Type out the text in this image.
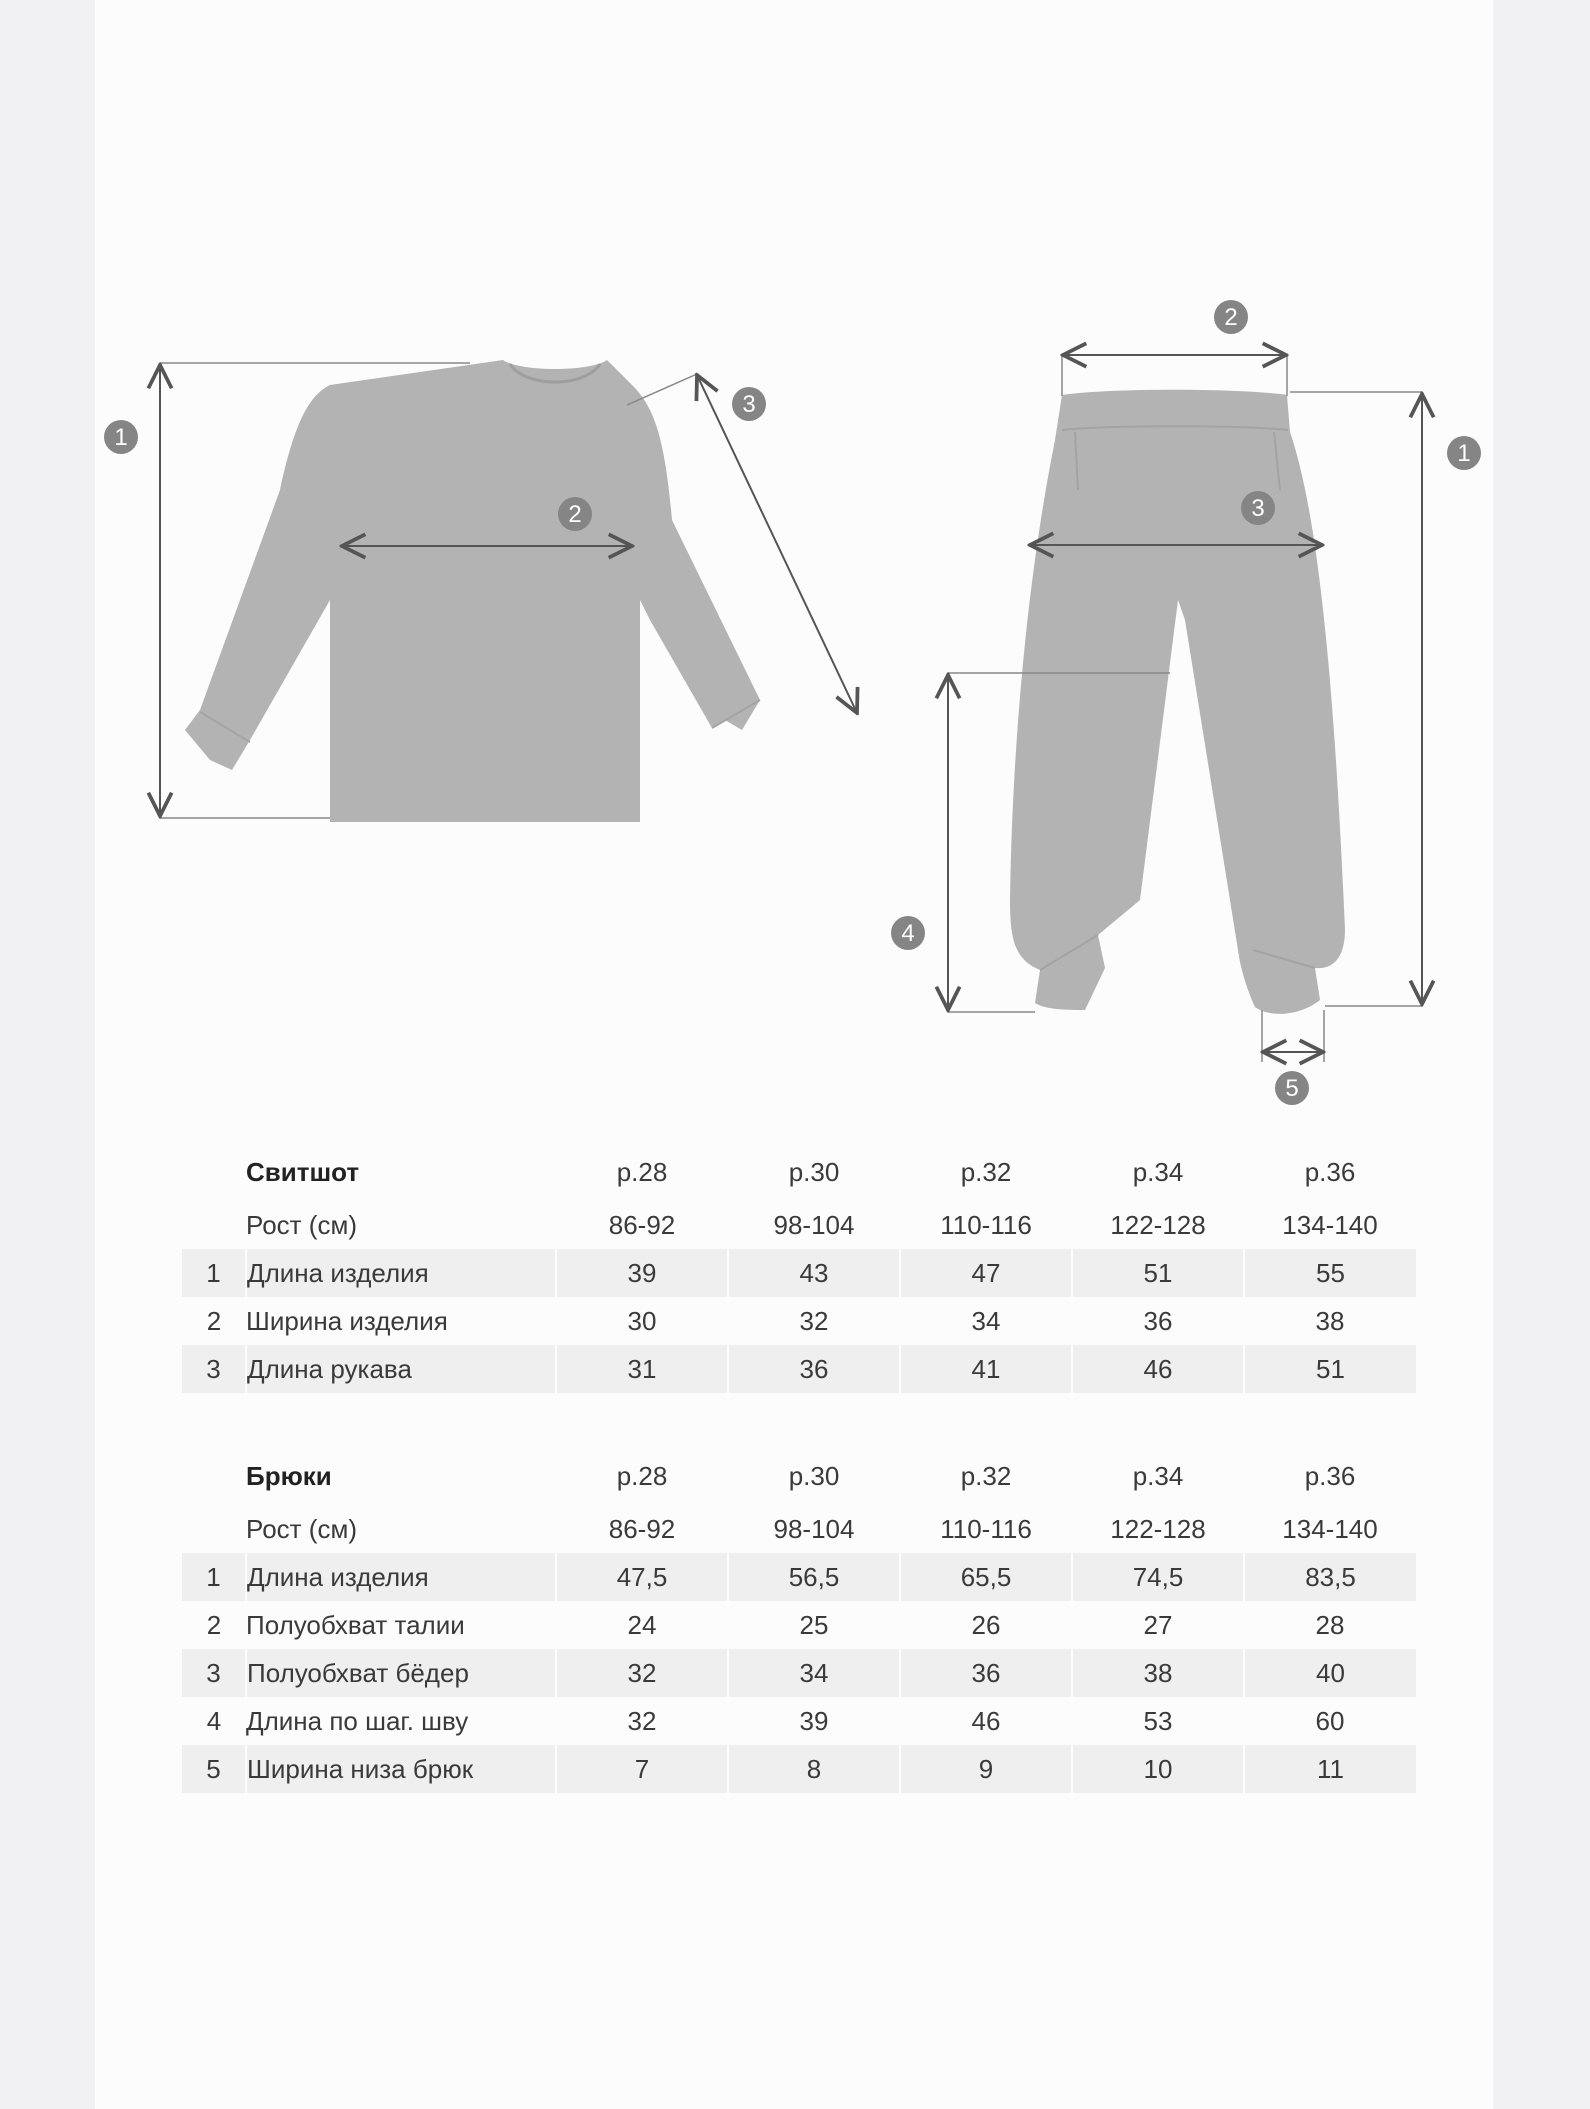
1
2
3
1
2
3
4
5
	Свитшот	р.28	р.30	р.32	р.34	р.36
	Рост (см)	86-92	98-104	110-116	122-128	134-140
1	Длина изделия	39	43	47	51	55
2	Ширина изделия	30	32	34	36	38
3	Длина рукава	31	36	41	46	51
	Брюки	р.28	р.30	р.32	р.34	р.36
	Рост (см)	86-92	98-104	110-116	122-128	134-140
1	Длина изделия	47,5	56,5	65,5	74,5	83,5
2	Полуобхват талии	24	25	26	27	28
3	Полуобхват бёдер	32	34	36	38	40
4	Длина по шаг. шву	32	39	46	53	60
5	Ширина низа брюк	7	8	9	10	11
